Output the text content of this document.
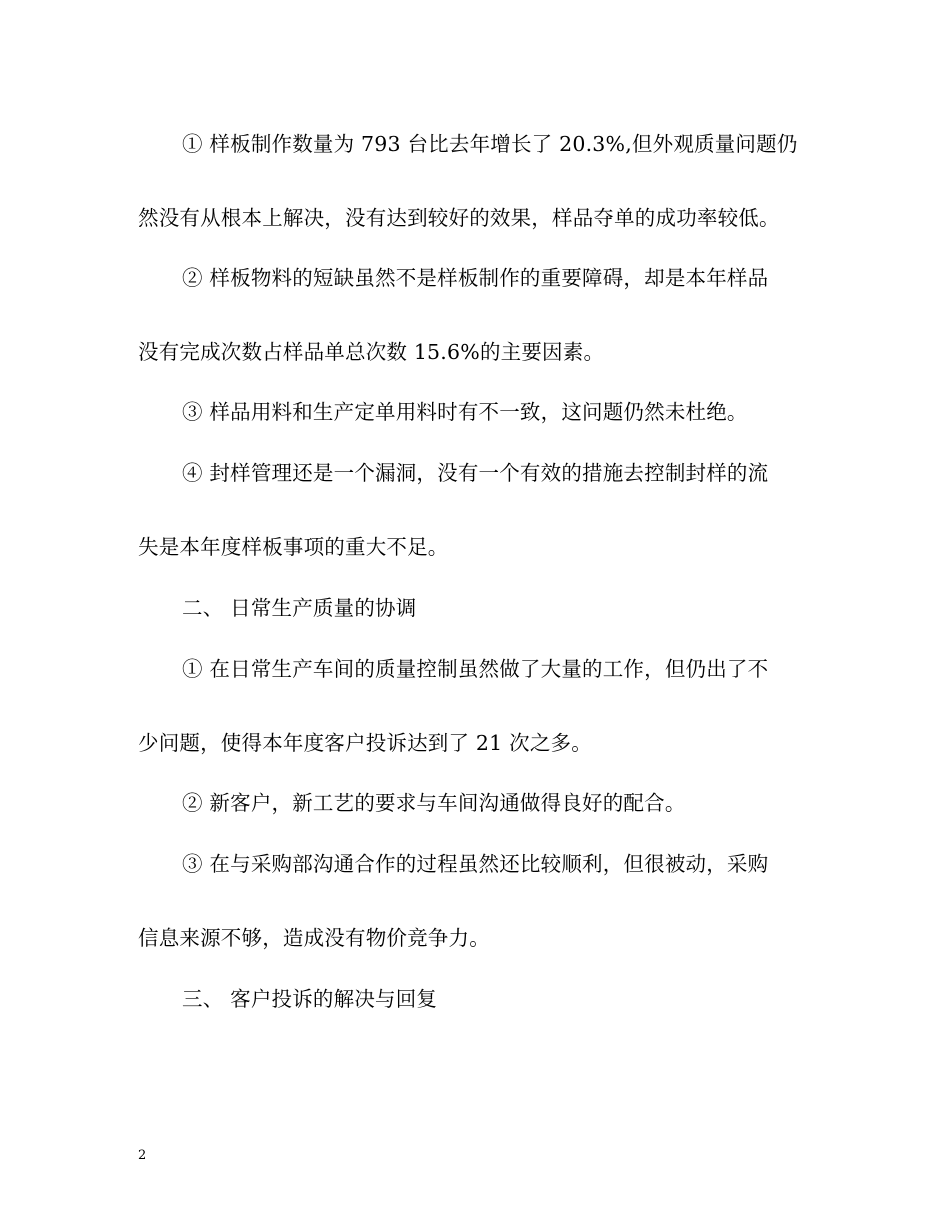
① 样板制作数量为 793 台比去年增长了 20.3%,但外观质量问题仍
然没有从根本上解决，没有达到较好的效果，样品夺单的成功率较低。
② 样板物料的短缺虽然不是样板制作的重要障碍，却是本年样品
没有完成次数占样品单总次数 15.6%的主要因素。
③ 样品用料和生产定单用料时有不一致，这问题仍然未杜绝。
④ 封样管理还是一个漏洞，没有一个有效的措施去控制封样的流
失是本年度样板事项的重大不足。
二、 日常生产质量的协调
① 在日常生产车间的质量控制虽然做了大量的工作，但仍出了不
少问题，使得本年度客户投诉达到了 21 次之多。
② 新客户，新工艺的要求与车间沟通做得良好的配合。
③ 在与采购部沟通合作的过程虽然还比较顺利，但很被动，采购
信息来源不够，造成没有物价竞争力。
三、 客户投诉的解决与回复
2
